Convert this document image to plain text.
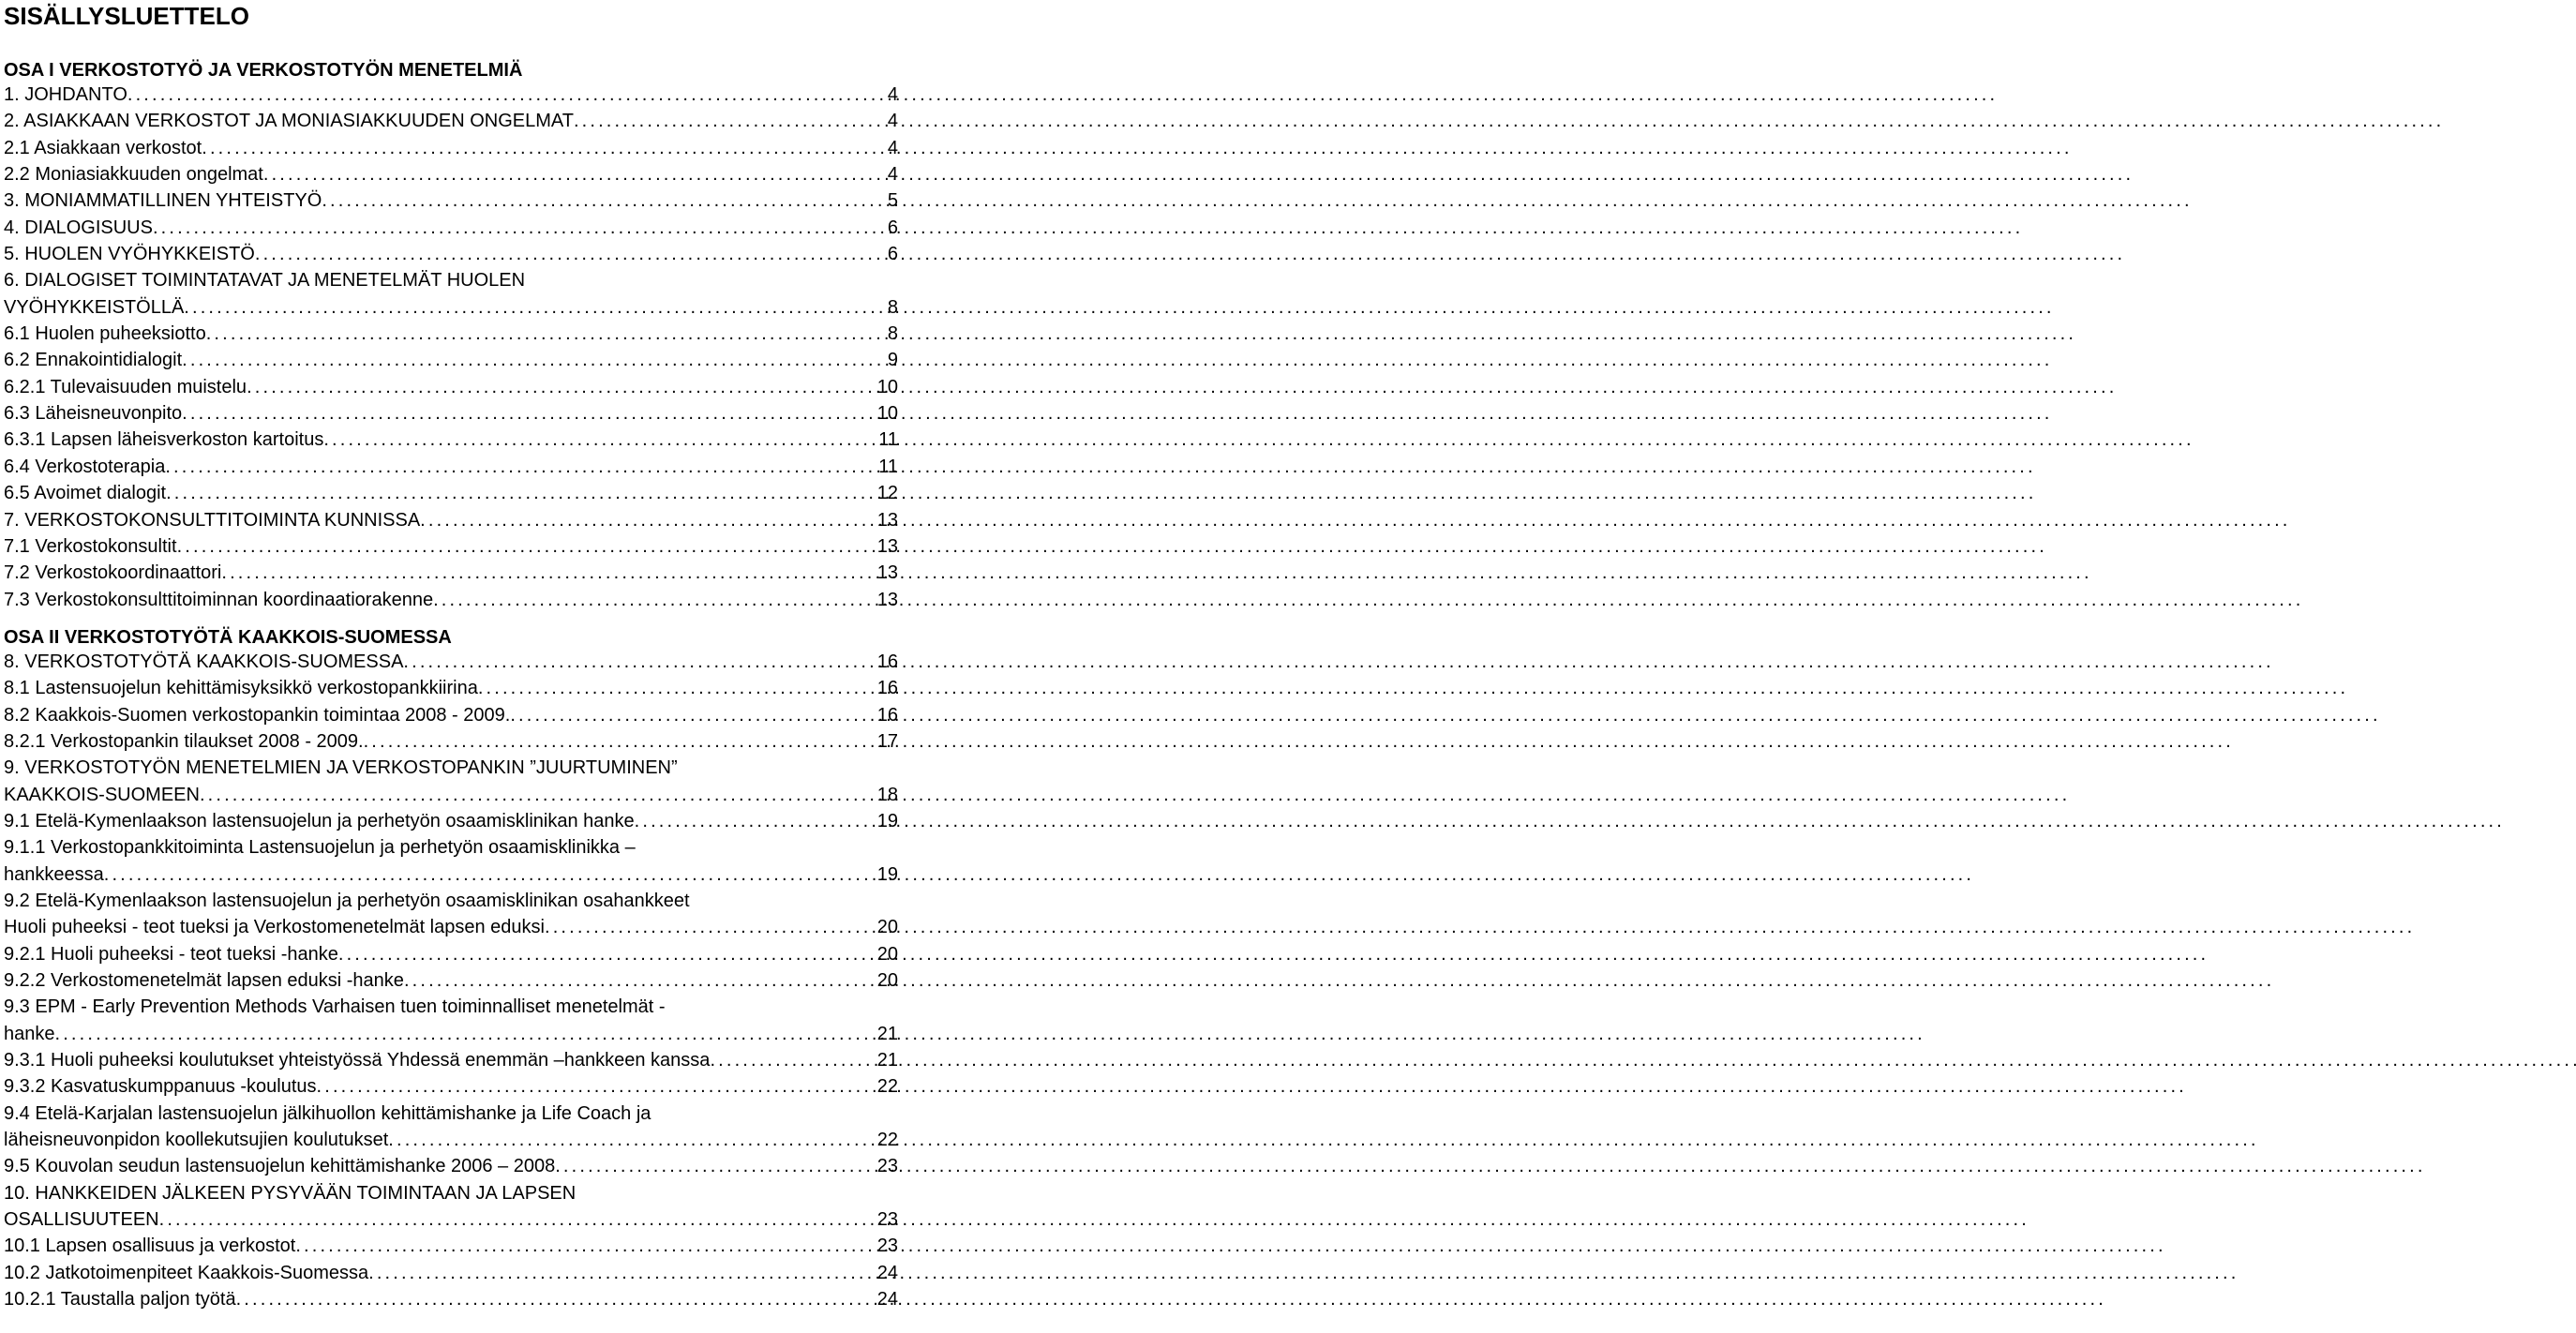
SISÄLLYSLUETTELO
OSA I VERKOSTOTYÖ JA VERKOSTOTYÖN MENETELMIÄ
1. JOHDANTO . . .	4
2. ASIAKKAAN VERKOSTOT JA MONIASIAKKUUDEN ONGELMAT . . .	4
2.1 Asiakkaan verkostot . . .	4
2.2 Moniasiakkuuden ongelmat . . .	4
3. MONIAMMATILLINEN YHTEISTYÖ . . .	5
4. DIALOGISUUS . . .	6
5. HUOLEN VYÖHYKKEISTÖ . . .	6
6. DIALOGISET TOIMINTATAVAT JA MENETELMÄT HUOLEN
VYÖHYKKEISTÖLLÄ . . .	8
6.1 Huolen puheeksiotto . . .	8
6.2 Ennakointidialogit . . .	9
6.2.1 Tulevaisuuden muistelu . . .	10
6.3 Läheisneuvonpito . . .	10
6.3.1 Lapsen läheisverkoston kartoitus . . .	11
6.4 Verkostoterapia . . .	11
6.5 Avoimet dialogit . . .	12
7. VERKOSTOKONSULTTITOIMINTA KUNNISSA . . .	13
7.1 Verkostokonsultit . . .	13
7.2 Verkostokoordinaattori . . .	13
7.3 Verkostokonsulttitoiminnan koordinaatiorakenne . . .	13
OSA II VERKOSTOTYÖTÄ KAAKKOIS-SUOMESSA
8. VERKOSTOTYÖTÄ KAAKKOIS-SUOMESSA . . .	16
8.1 Lastensuojelun kehittämisyksikkö verkostopankkiirina . . .	16
8.2 Kaakkois-Suomen verkostopankin toimintaa 2008 - 2009. . . .	16
8.2.1 Verkostopankin tilaukset 2008 - 2009. . . .	17
9. VERKOSTOTYÖN MENETELMIEN JA VERKOSTOPANKIN ”JUURTUMINEN”
KAAKKOIS-SUOMEEN . . .	18
9.1 Etelä-Kymenlaakson lastensuojelun ja perhetyön osaamisklinikan hanke . . .	19
9.1.1 Verkostopankkitoiminta Lastensuojelun ja perhetyön osaamisklinikka –
hankkeessa . . .	19
9.2 Etelä-Kymenlaakson lastensuojelun ja perhetyön osaamisklinikan osahankkeet
Huoli puheeksi - teot tueksi ja Verkostomenetelmät lapsen eduksi . . .	20
9.2.1 Huoli puheeksi - teot tueksi -hanke . . .	20
9.2.2 Verkostomenetelmät lapsen eduksi -hanke . . .	20
9.3 EPM - Early Prevention Methods Varhaisen tuen toiminnalliset menetelmät -
hanke . . .	21
9.3.1 Huoli puheeksi koulutukset yhteistyössä Yhdessä enemmän –hankkeen kanssa . . .	21
9.3.2 Kasvatuskumppanuus -koulutus . . .	22
9.4 Etelä-Karjalan lastensuojelun jälkihuollon kehittämishanke ja Life Coach ja
läheisneuvonpidon koollekutsujien koulutukset . . .	22
9.5 Kouvolan seudun lastensuojelun kehittämishanke 2006 – 2008 . . .	23
10. HANKKEIDEN JÄLKEEN PYSYVÄÄN TOIMINTAAN JA LAPSEN
OSALLISUUTEEN . . .	23
10.1 Lapsen osallisuus ja verkostot . . .	23
10.2 Jatkotoimenpiteet Kaakkois-Suomessa . . .	24
10.2.1 Taustalla paljon työtä . . .	24
